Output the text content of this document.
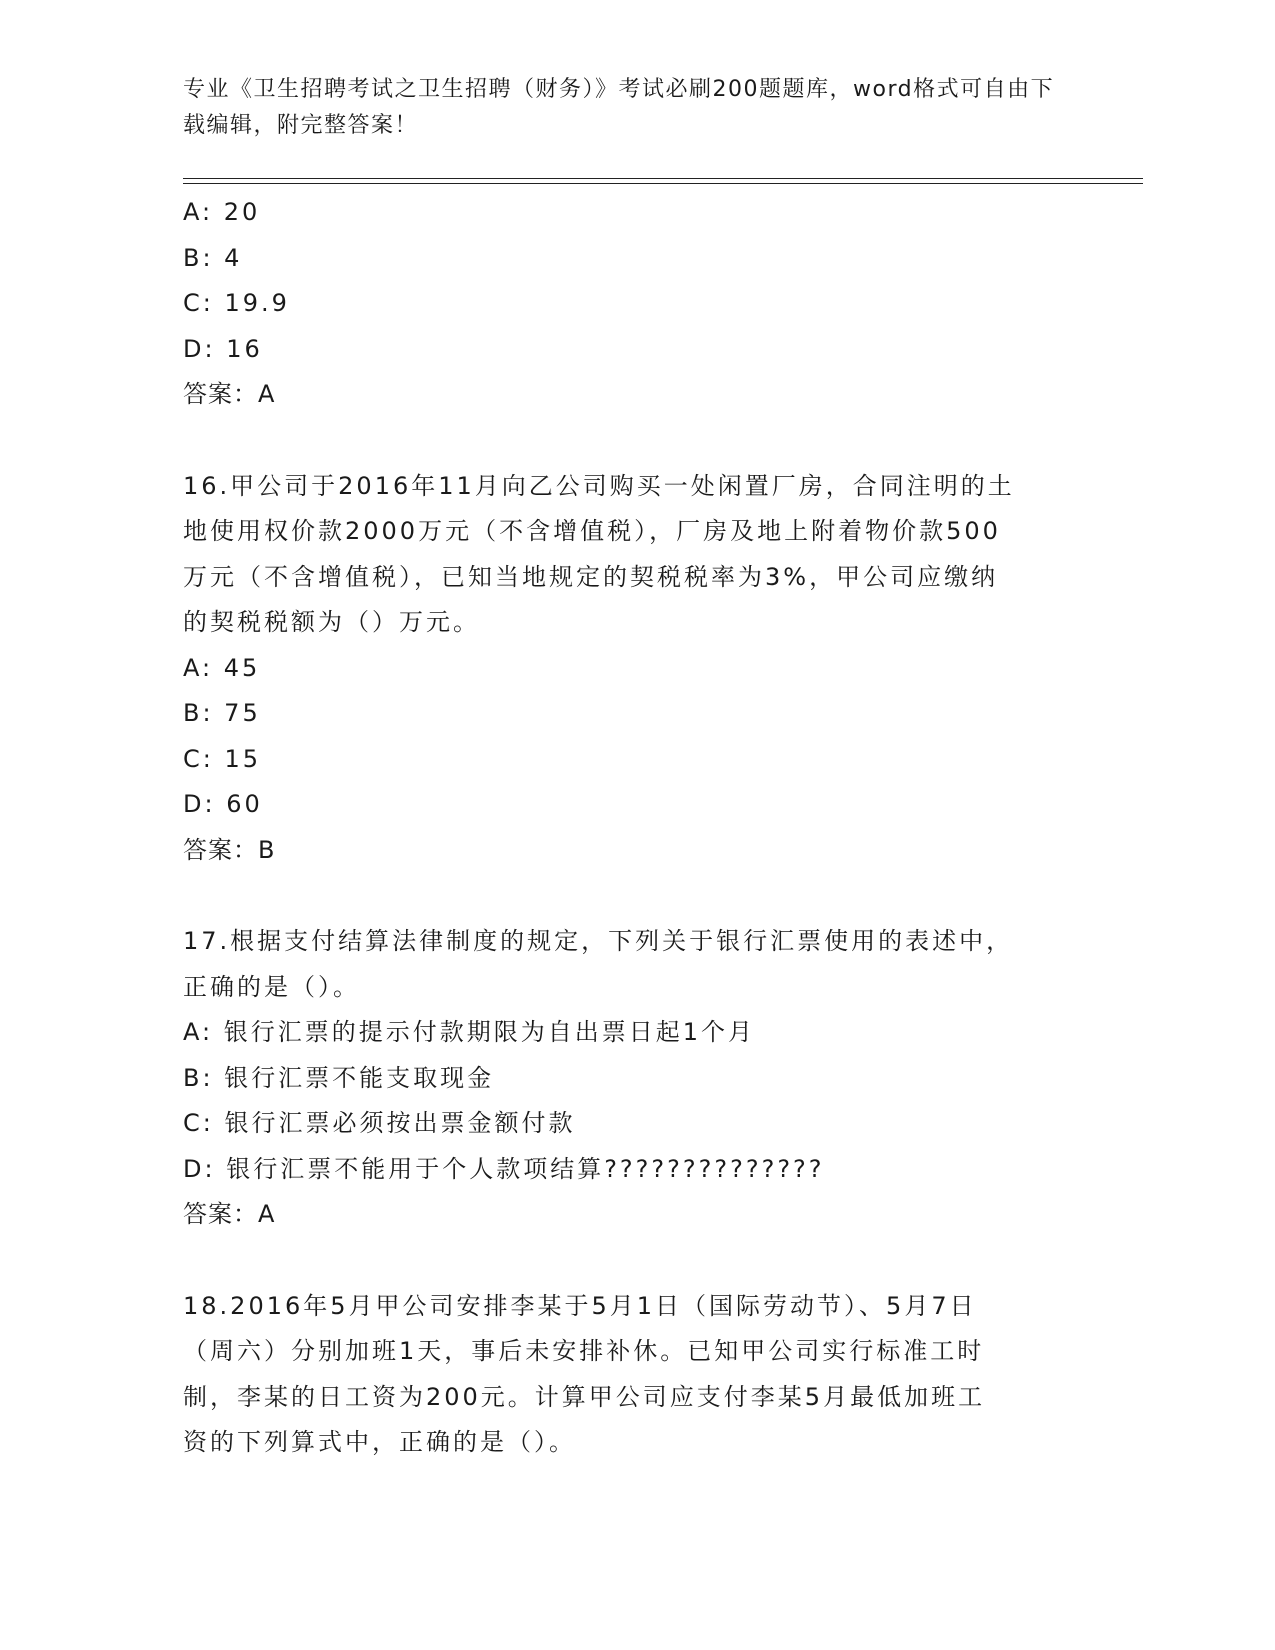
专业《卫生招聘考试之卫生招聘（财务）》考试必刷200题题库，word格式可自由下载编辑，附完整答案！
A: 20
B: 4
C: 19.9
D: 16
答案：A
16.甲公司于2016年11月向乙公司购买一处闲置厂房，合同注明的土
地使用权价款2000万元（不含增值税），厂房及地上附着物价款500
万元（不含增值税），已知当地规定的契税税率为3%，甲公司应缴纳
的契税税额为（）万元。
A: 45
B: 75
C: 15
D: 60
答案：B
17.根据支付结算法律制度的规定，下列关于银行汇票使用的表述中，
正确的是（）。
A: 银行汇票的提示付款期限为自出票日起1个月
B: 银行汇票不能支取现金
C: 银行汇票必须按出票金额付款
D: 银行汇票不能用于个人款项结算??????????????
答案：A
18.2016年5月甲公司安排李某于5月1日（国际劳动节）、5月7日
（周六）分别加班1天，事后未安排补休。已知甲公司实行标准工时
制，李某的日工资为200元。计算甲公司应支付李某5月最低加班工
资的下列算式中，正确的是（）。
